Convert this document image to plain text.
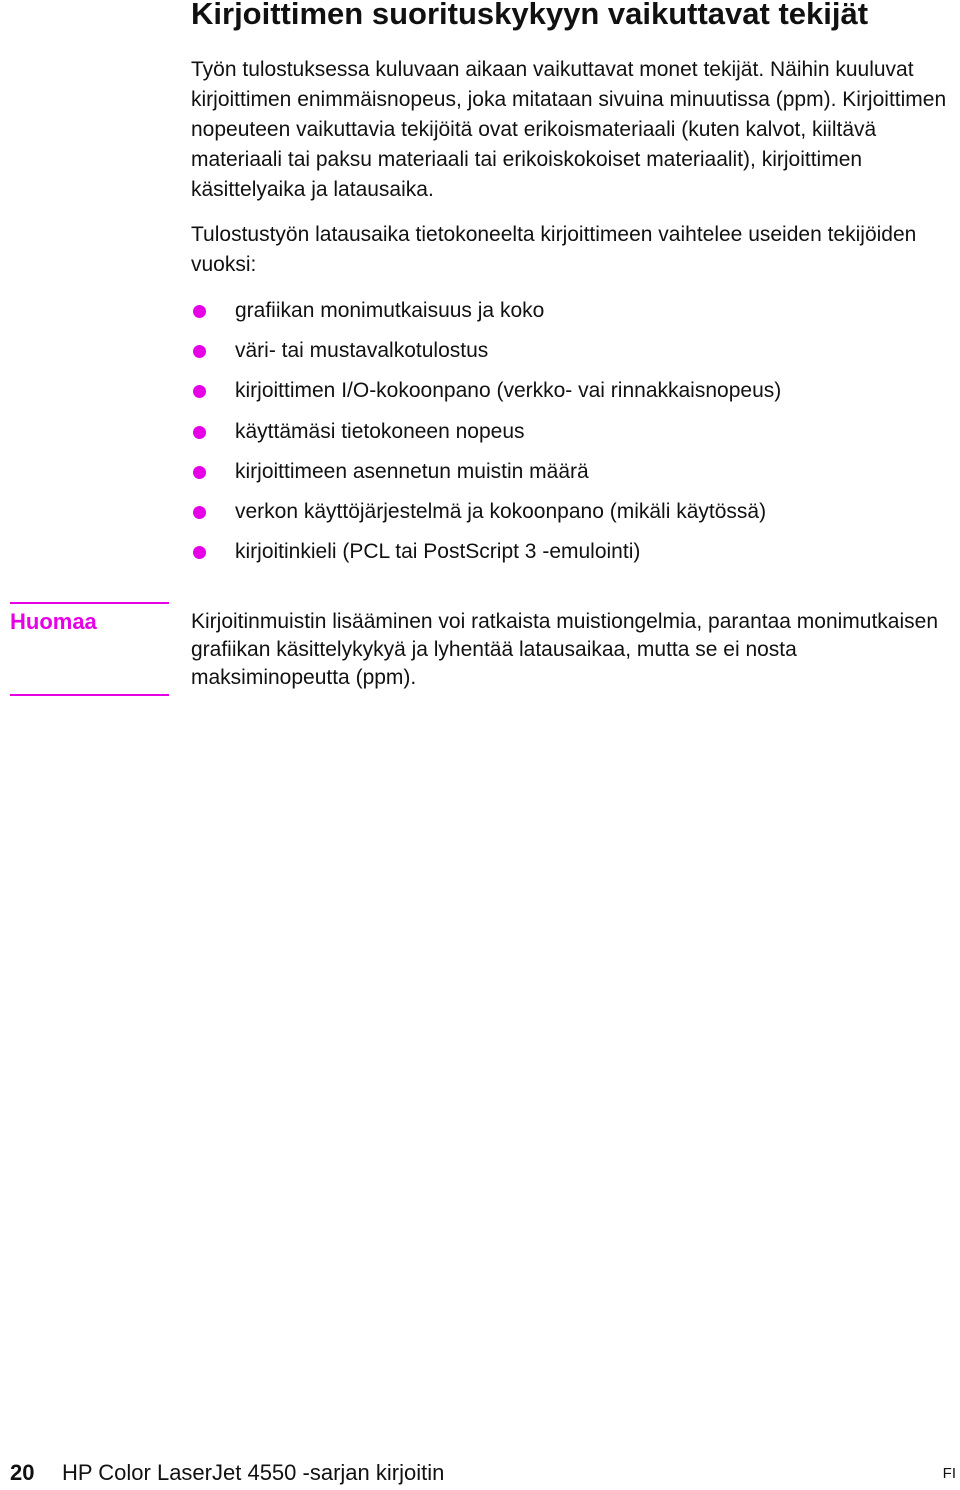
Kirjoittimen suorituskykyyn vaikuttavat tekijät

Työn tulostuksessa kuluvaan aikaan vaikuttavat monet tekijät. Näihin kuuluvat kirjoittimen enimmäisnopeus, joka mitataan sivuina minuutissa (ppm). Kirjoittimen nopeuteen vaikuttavia tekijöitä ovat erikoismateriaali (kuten kalvot, kiiltävä materiaali tai paksu materiaali tai erikoiskokoiset materiaalit), kirjoittimen käsittelyaika ja latausaika.

Tulostustyön latausaika tietokoneelta kirjoittimeen vaihtelee useiden tekijöiden vuoksi:

grafiikan monimutkaisuus ja koko
väri- tai mustavalkotulostus
kirjoittimen I/O-kokoonpano (verkko- vai rinnakkaisnopeus)
käyttämäsi tietokoneen nopeus
kirjoittimeen asennetun muistin määrä
verkon käyttöjärjestelmä ja kokoonpano (mikäli käytössä)
kirjoitinkieli (PCL tai PostScript 3 -emulointi)
Huomaa	Kirjoitinmuistin lisääminen voi ratkaista muistiongelmia, parantaa monimutkaisen grafiikan käsittelykykyä ja lyhentää latausaikaa, mutta se ei nosta maksiminopeutta (ppm).

20 HP Color LaserJet 4550 -sarjan kirjoitin	FI
